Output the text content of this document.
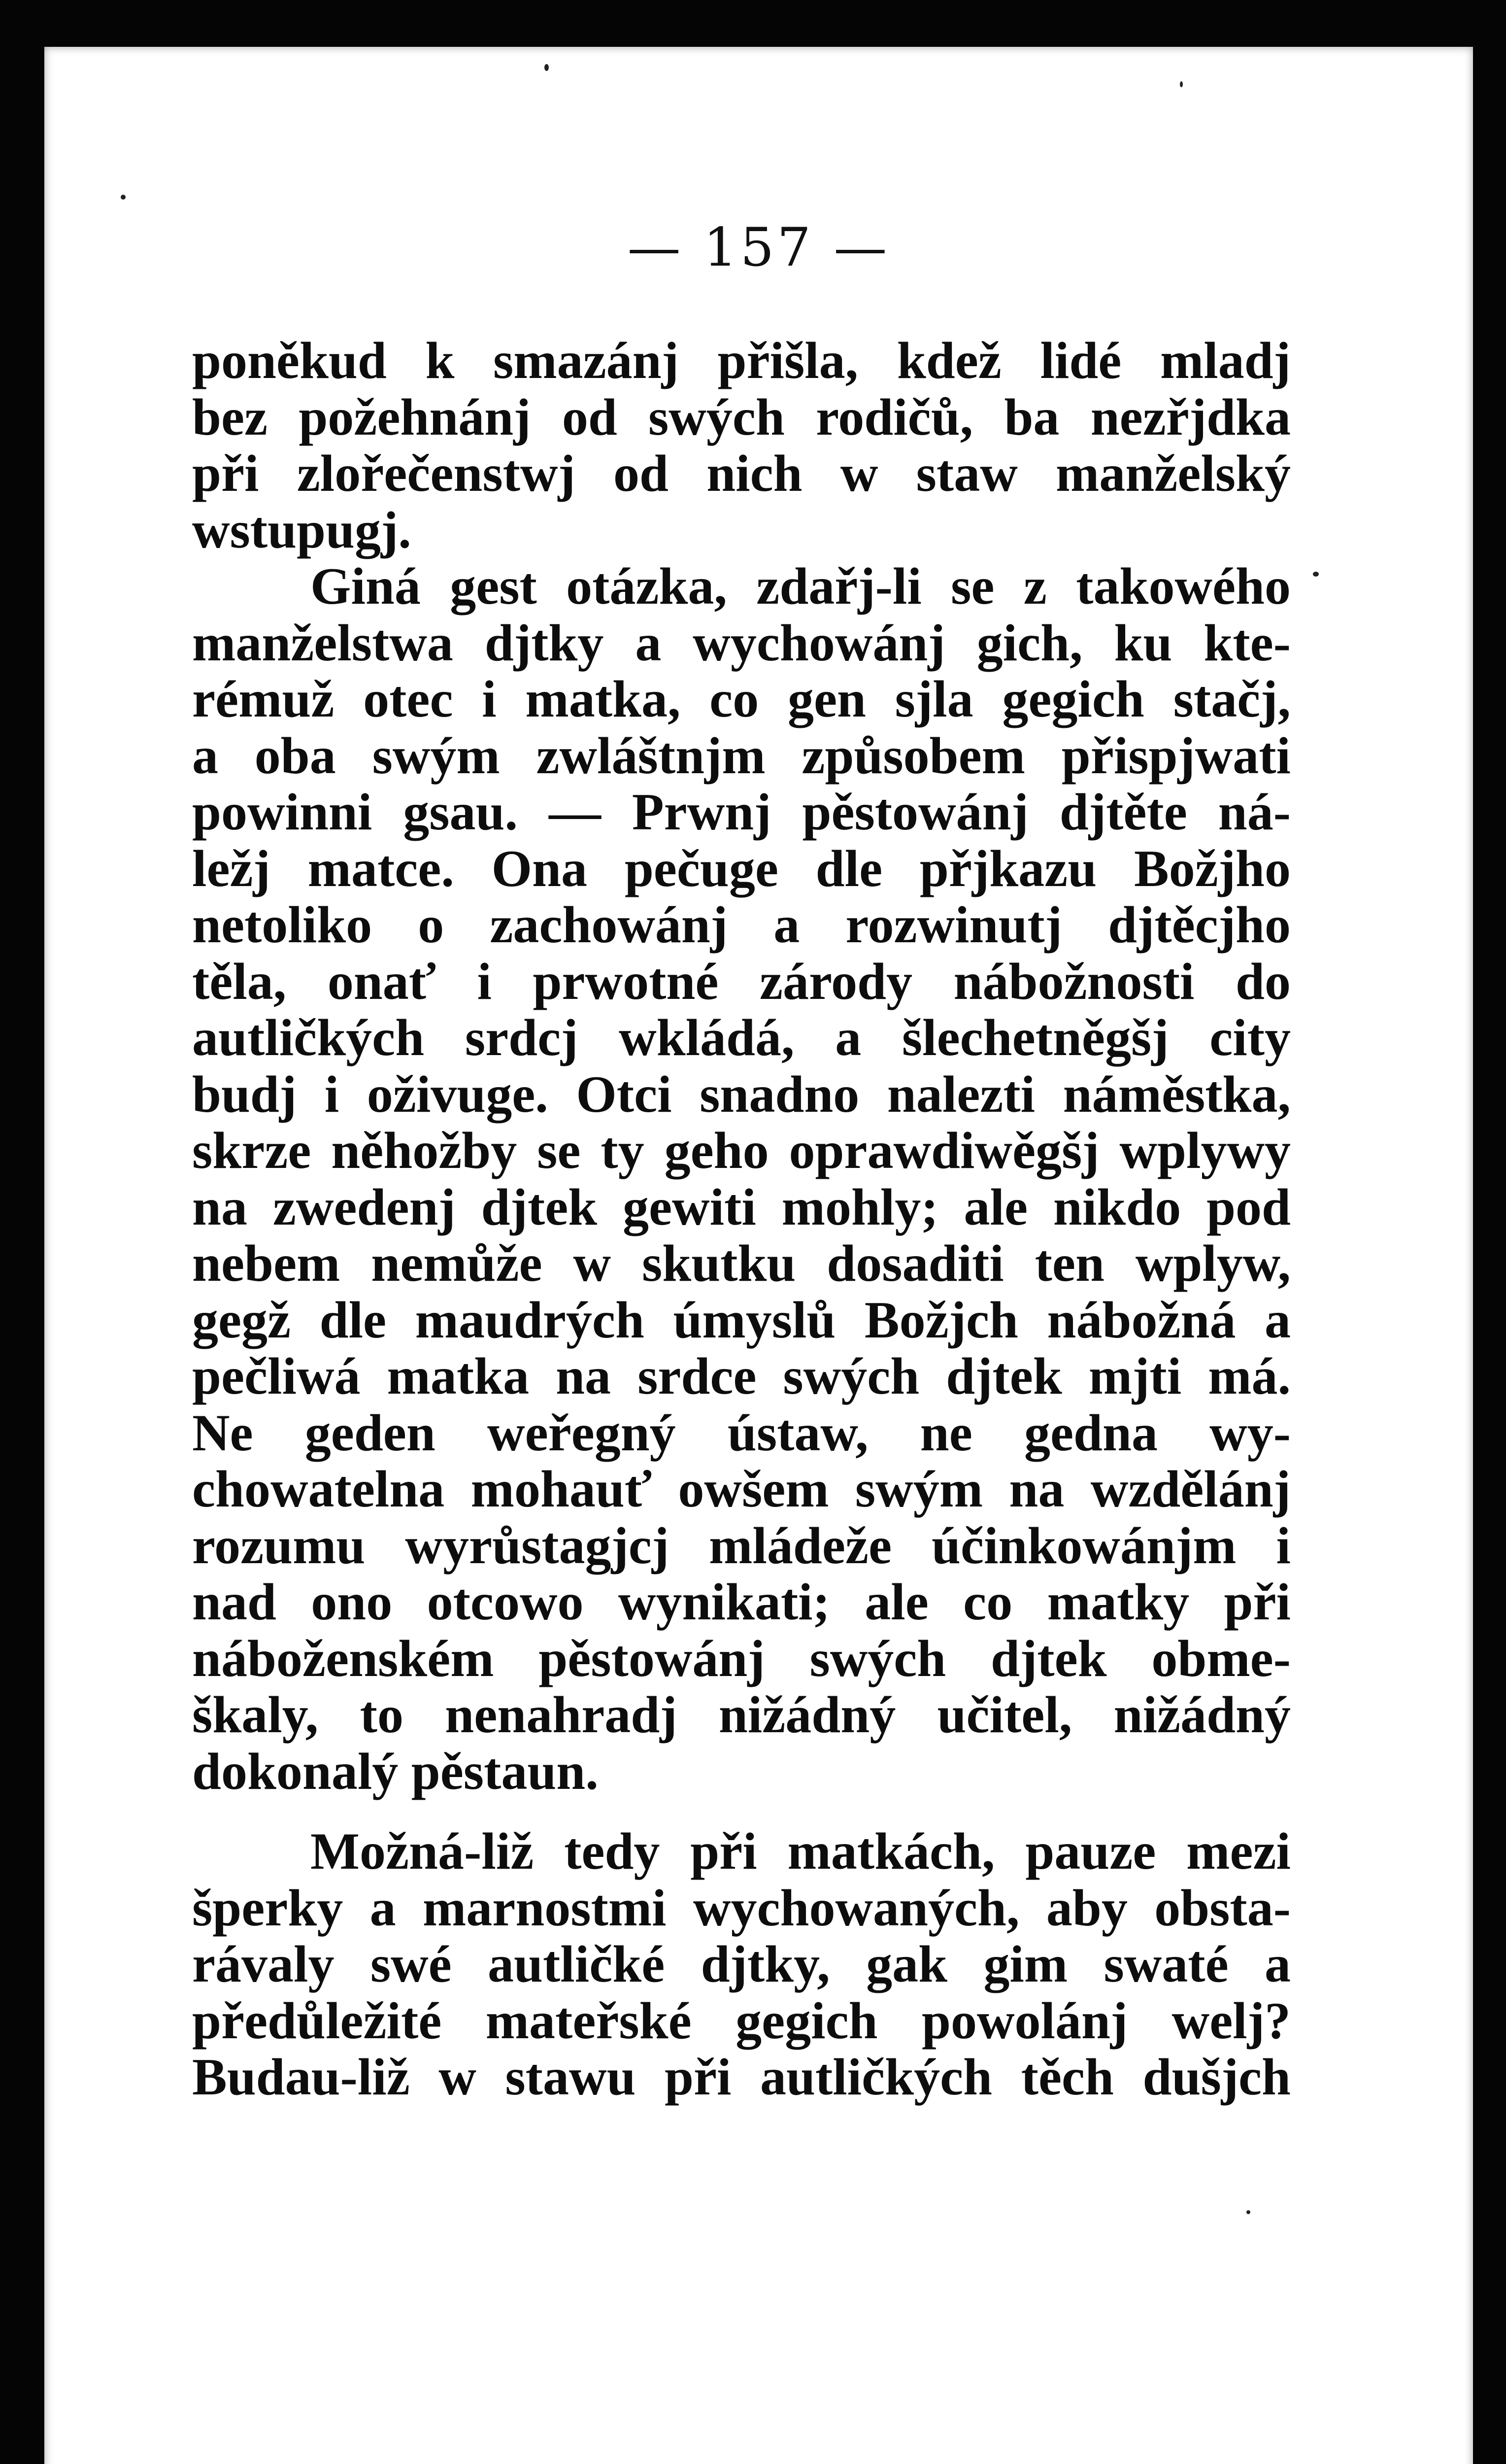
— 157 —
poněkud k smazánj přišla, kdež lidé mladj
bez požehnánj od swých rodičů, ba nezřjdka
při zlořečenstwj od nich w staw manželský
wstupugj.
Giná gest otázka, zdařj-li se z takowého
manželstwa djtky a wychowánj gich, ku kte-
rémuž otec i matka, co gen sjla gegich stačj,
a oba swým zwláštnjm způsobem přispjwati
powinni gsau. — Prwnj pěstowánj djtěte ná-
ležj matce. Ona pečuge dle přjkazu Božjho
netoliko o zachowánj a rozwinutj djtěcjho
těla, onať i prwotné zárody nábožnosti do
autličkých srdcj wkládá, a šlechetněgšj city
budj i oživuge. Otci snadno nalezti náměstka,
skrze něhožby se ty geho oprawdiwěgšj wplywy
na zwedenj djtek gewiti mohly; ale nikdo pod
nebem nemůže w skutku dosaditi ten wplyw,
gegž dle maudrých úmyslů Božjch nábožná a
pečliwá matka na srdce swých djtek mjti má.
Ne geden weřegný ústaw, ne gedna wy-
chowatelna mohauť owšem swým na wzdělánj
rozumu wyrůstagjcj mládeže účinkowánjm i
nad ono otcowo wynikati; ale co matky při
náboženském pěstowánj swých djtek obme-
škaly, to nenahradj nižádný učitel, nižádný
dokonalý pěstaun.
Možná-liž tedy při matkách, pauze mezi
šperky a marnostmi wychowaných, aby obsta-
rávaly swé autličké djtky, gak gim swaté a
předůležité mateřské gegich powolánj welj?
Budau-liž w stawu při autličkých těch dušjch
